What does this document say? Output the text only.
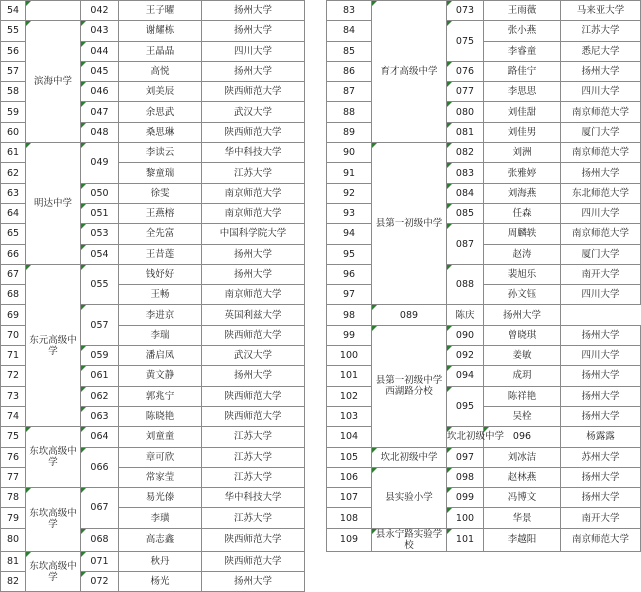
54		042	王子曜	扬州大学		83	育才高级中学	073	王雨薇	马来亚大学	
55	滨海中学	043	谢耀栋	扬州大学		84		075	张小燕	江苏大学	
56		044	王晶晶	四川大学		85			李睿童	悉尼大学	
57		045	高悦	扬州大学		86		076	路佳宁	扬州大学	
58		046	刘美辰	陕西师范大学		87		077	李思思	四川大学	
59		047	余思武	武汉大学		88		080	刘佳甜	南京师范大学	
60		048	桑思琳	陕西师范大学		89		081	刘佳男	厦门大学	
61	明达中学	049	李读云	华中科技大学		90	县第一初级中学	082	刘洲	南京师范大学	
62			黎童瑞	江苏大学		91		083	张雅婷	扬州大学	
63		050	徐雯	南京师范大学		92		084	刘海燕	东北师范大学	
64		051	王燕榕	南京师范大学		93		085	任森	四川大学	
65		053	全先富	中国科学院大学		94		087	周麟轶	南京师范大学	
66		054	王昔莲	扬州大学		95			赵涛	厦门大学	
67	东元高级中学	055	钱妤好	扬州大学		96		088	裴旭乐	南开大学	
68			王畅	南京师范大学		97			孙文钰	四川大学	
69		057	李进京	英国利兹大学		98	089	陈庆	扬州大学		
70			李瑞	陕西师范大学		99	县第一初级中学西湖路分校	090	曾晓琪	扬州大学	
71		059	潘启凤	武汉大学		100		092	姜敏	四川大学	
72		061	黄文静	扬州大学		101		094	成玥	扬州大学	
73		062	郭兆宁	陕西师范大学		102		095	陈祥艳	扬州大学	
74		063	陈晓艳	陕西师范大学		103			吴栓	扬州大学	
75	东坎高级中学	064	刘童童	江苏大学		104		坎北初级中学	096	杨露露	
76		066	章可欣	江苏大学		105	坎北初级中学	097	刘冰洁	苏州大学	
77			常家莹	江苏大学		106	县实验小学	098	赵林燕	扬州大学	
78	东坎高级中学	067	易光傣	华中科技大学		107		099	冯博文	扬州大学	
79			李璜	江苏大学		108		100	华景	南开大学	
80		068	高志鑫	陕西师范大学		109	县永宁路实验学校	101	李越阳	南京师范大学	
81	东坎高级中学	071	秋丹	陕西师范大学							
82		072	杨光	扬州大学							
